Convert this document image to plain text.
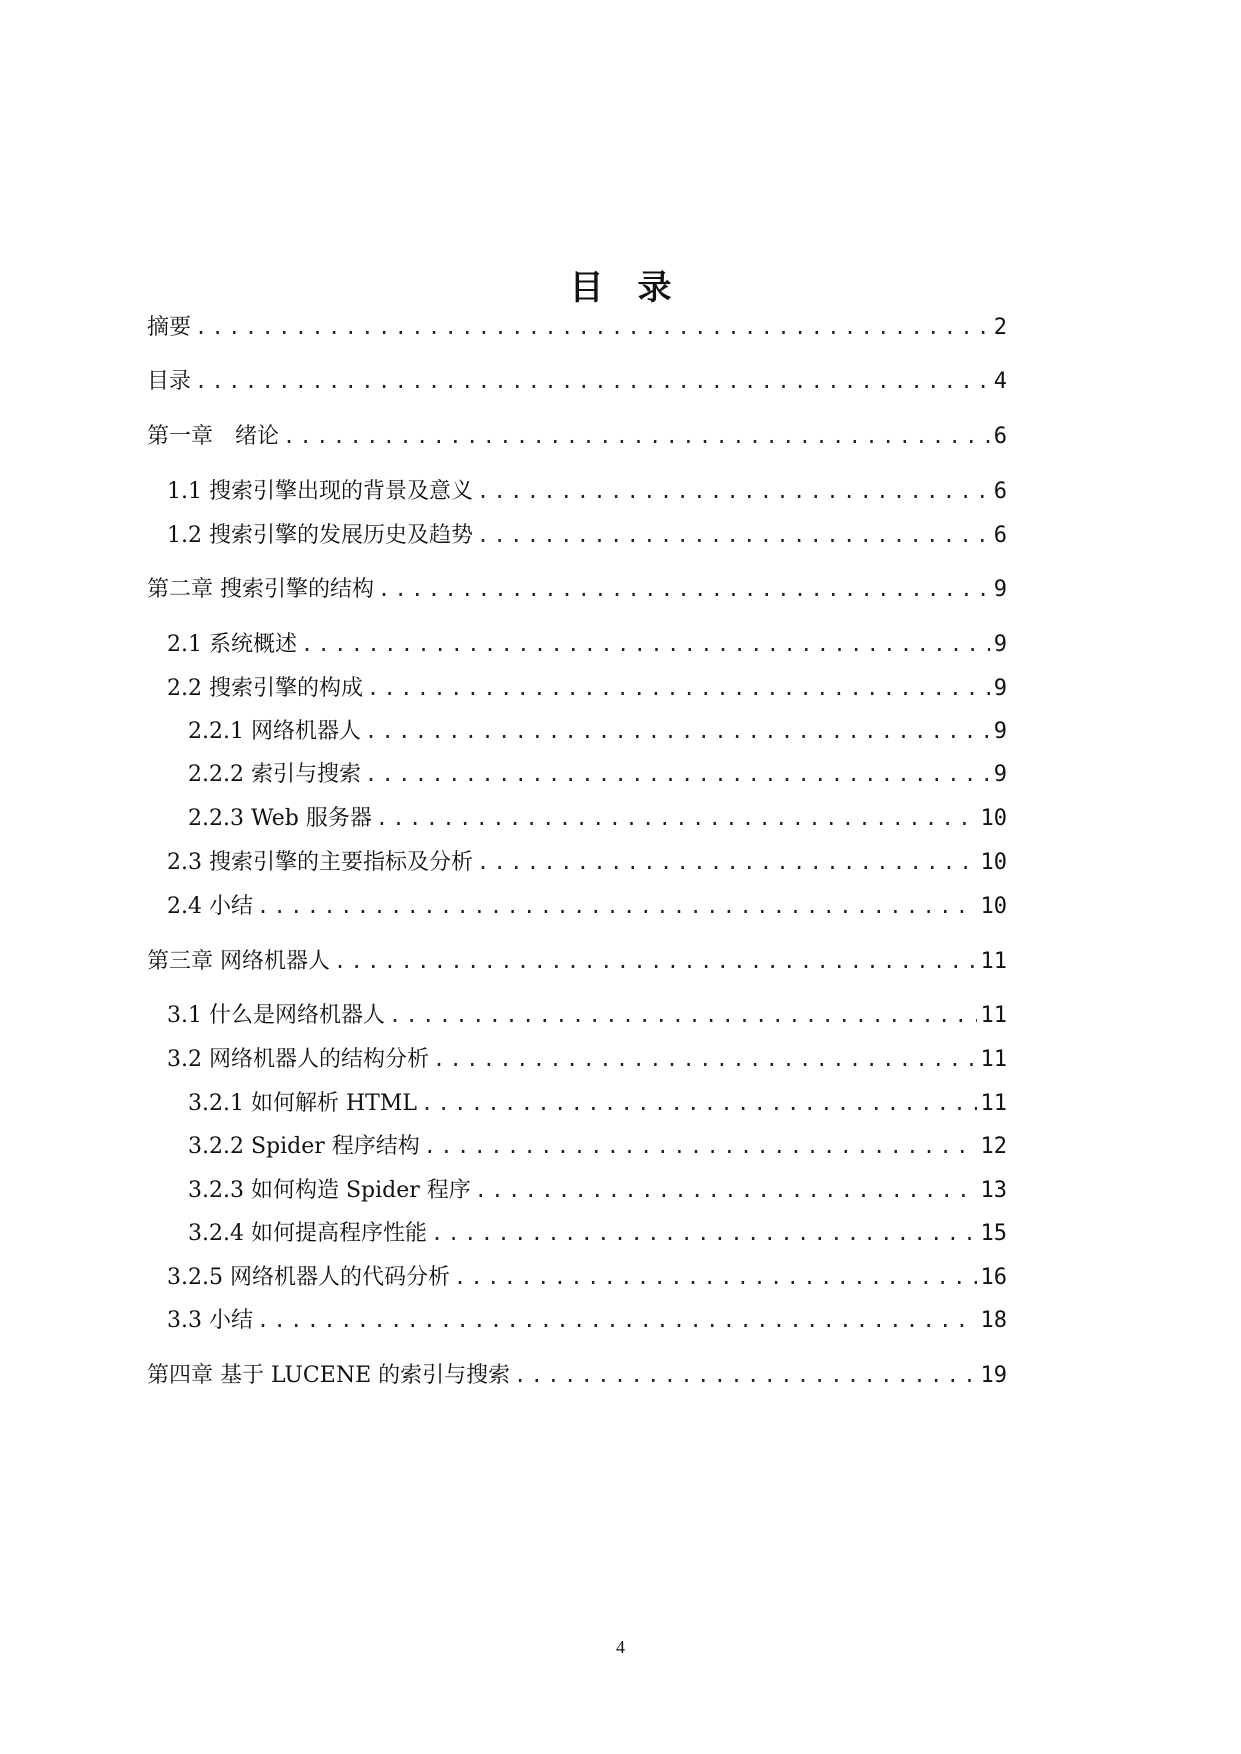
目录
摘要 .....	2
目录 .....	4
第一章　绪论 .....	6
1.1 搜索引擎出现的背景及意义 .....	6
1.2 搜索引擎的发展历史及趋势 .....	6
第二章 搜索引擎的结构 .....	9
2.1 系统概述 .....	9
2.2 搜索引擎的构成 .....	9
2.2.1 网络机器人 .....	9
2.2.2 索引与搜索 .....	9
2.2.3 Web 服务器 .....	10
2.3 搜索引擎的主要指标及分析 .....	10
2.4 小结 .....	10
第三章 网络机器人 .....	11
3.1 什么是网络机器人 .....	11
3.2 网络机器人的结构分析 .....	11
3.2.1 如何解析 HTML .....	11
3.2.2 Spider 程序结构 .....	12
3.2.3 如何构造 Spider 程序 .....	13
3.2.4 如何提高程序性能 .....	15
3.2.5 网络机器人的代码分析 .....	16
3.3 小结 .....	18
第四章 基于 LUCENE 的索引与搜索 .....	19

4
